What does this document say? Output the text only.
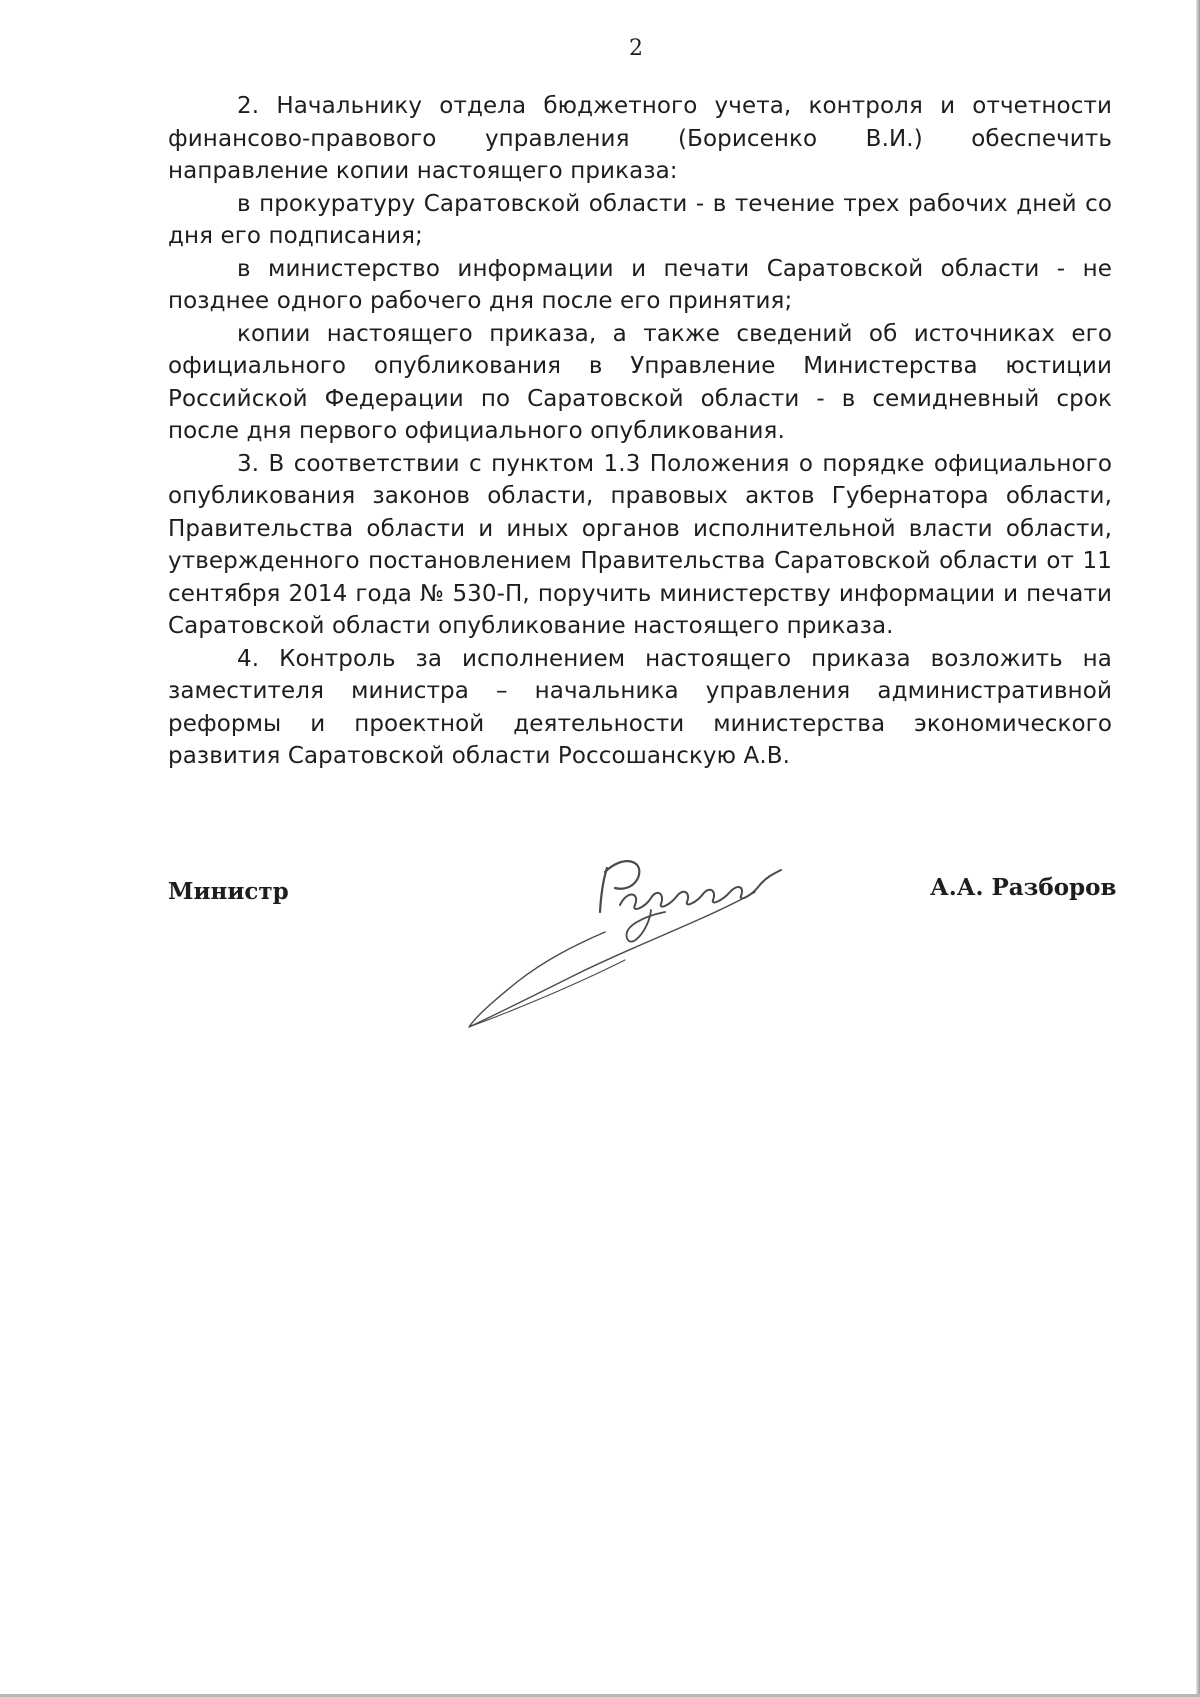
2

2. Начальнику отдела бюджетного учета, контроля и отчетности финансово-правового управления (Борисенко В.И.) обеспечить направление копии настоящего приказа:

в прокуратуру Саратовской области - в течение трех рабочих дней со дня его подписания;

в министерство информации и печати Саратовской области - не позднее одного рабочего дня после его принятия;

копии настоящего приказа, а также сведений об источниках его официального опубликования в Управление Министерства юстиции Российской Федерации по Саратовской области - в семидневный срок после дня первого официального опубликования.

3. В соответствии с пунктом 1.3 Положения о порядке официального опубликования законов области, правовых актов Губернатора области, Правительства области и иных органов исполнительной власти области, утвержденного постановлением Правительства Саратовской области от 11 сентября 2014 года № 530-П, поручить министерству информации и печати Саратовской области опубликование настоящего приказа.

4. Контроль за исполнением настоящего приказа возложить на заместителя министра – начальника управления административной реформы и проектной деятельности министерства экономического развития Саратовской области Россошанскую А.В.

Министр	А.А. Разборов
